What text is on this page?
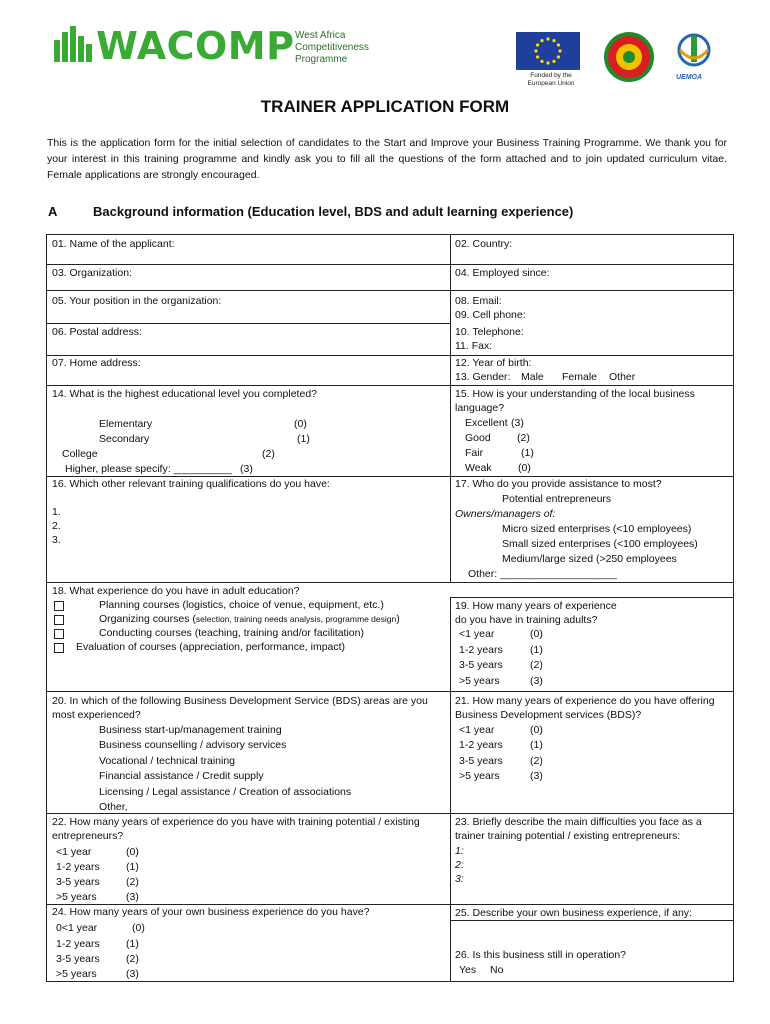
WACOMP West Africa
Competitiveness
Programme
Funded by the
European Union
UEMOA
TRAINER APPLICATION FORM
This is the application form for the initial selection of candidates to the Start and Improve your Business Training Programme. We thank you for your interest in this training programme and kindly ask you to fill all the questions of the form attached and to join updated curriculum vitae. Female applications are strongly encouraged.
A	Background information (Education level, BDS and adult learning experience)
01. Name of the applicant:	02. Country:
03. Organization:	04. Employed since:
05. Your position in the organization:	08. Email:
09. Cell phone:
06. Postal address:	10. Telephone:
11. Fax:
07. Home address:	12. Year of birth:
13. Gender: Male Female Other
14. What is the highest educational level you completed?
Elementary	(0)
Secondary	(1)
College	(2)
Higher, please specify: __________ (3)
15. How is your understanding of the local business
language?
Excellent (3)
Good	(2)
Fair	(1)
Weak	(0)
16. Which other relevant training qualifications do you have:
1.
2.
3.
17. Who do you provide assistance to most?
Potential entrepreneurs
Owners/managers of:
Micro sized enterprises (<10 employees)
Small sized enterprises (<100 employees)
Medium/large sized (>250 employees
Other: ____________________
18. What experience do you have in adult education?
Planning courses (logistics, choice of venue, equipment, etc.)
Organizing courses (selection, training needs analysis, programme design)
Conducting courses (teaching, training and/or facilitation)
Evaluation of courses (appreciation, performance, impact)
19. How many years of experience
do you have in training adults?
<1 year	(0)
1-2 years	(1)
3-5 years	(2)
>5 years	(3)
20. In which of the following Business Development Service (BDS) areas are you
most experienced?
Business start-up/management training
Business counselling / advisory services
Vocational / technical training
Financial assistance / Credit supply
Licensing / Legal assistance / Creation of associations
Other,
21. How many years of experience do you have offering
Business Development services (BDS)?
<1 year	(0)
1-2 years	(1)
3-5 years	(2)
>5 years	(3)
22. How many years of experience do you have with training potential / existing
entrepreneurs?
<1 year	(0)
1-2 years (1)
3-5 years (2)
>5 years	(3)
23. Briefly describe the main difficulties you face as a
trainer training potential / existing entrepreneurs:
1:
2:
3:
24. How many years of your own business experience do you have?
0<1 year	(0)
1-2 years (1)
3-5 years (2)
>5 years	(3)
25. Describe your own business experience, if any:
26. Is this business still in operation?
Yes No
